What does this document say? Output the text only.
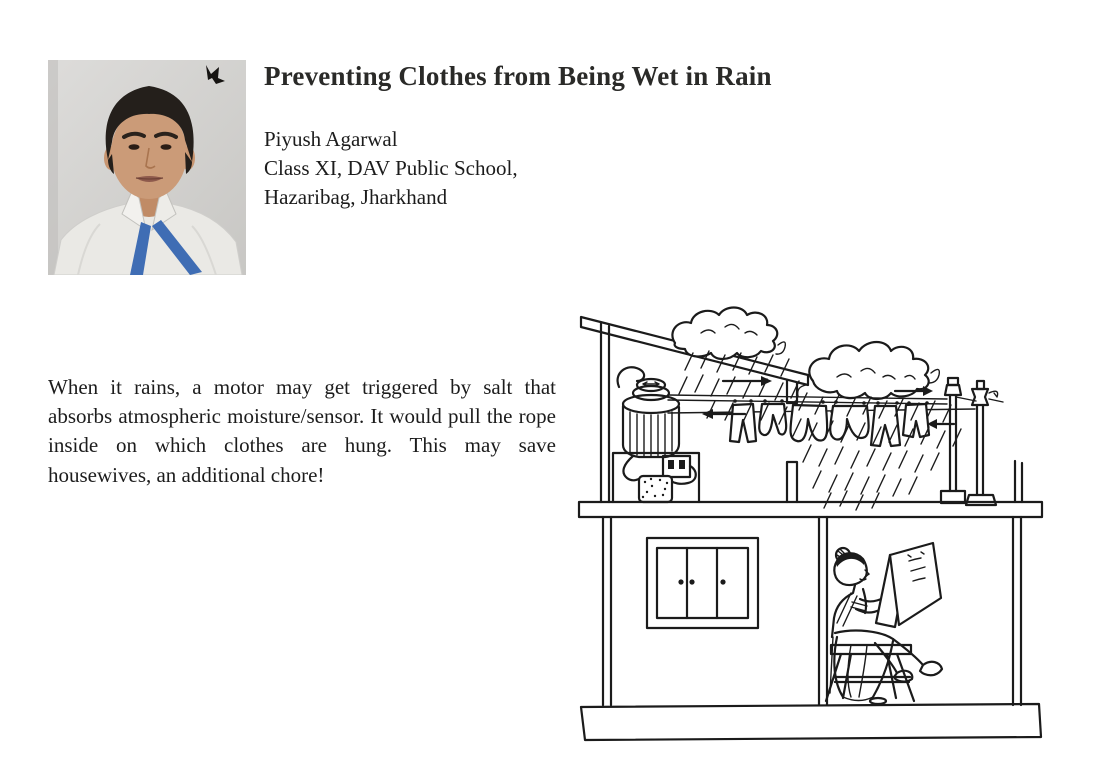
Preventing Clothes from Being Wet in Rain
Piyush Agarwal
Class XI, DAV Public School,
Hazaribag, Jharkhand

When it rains, a motor may get triggered by salt that absorbs atmospheric moisture/sensor. It would pull the rope inside on which clothes are hung. This may save housewives, an additional chore!
